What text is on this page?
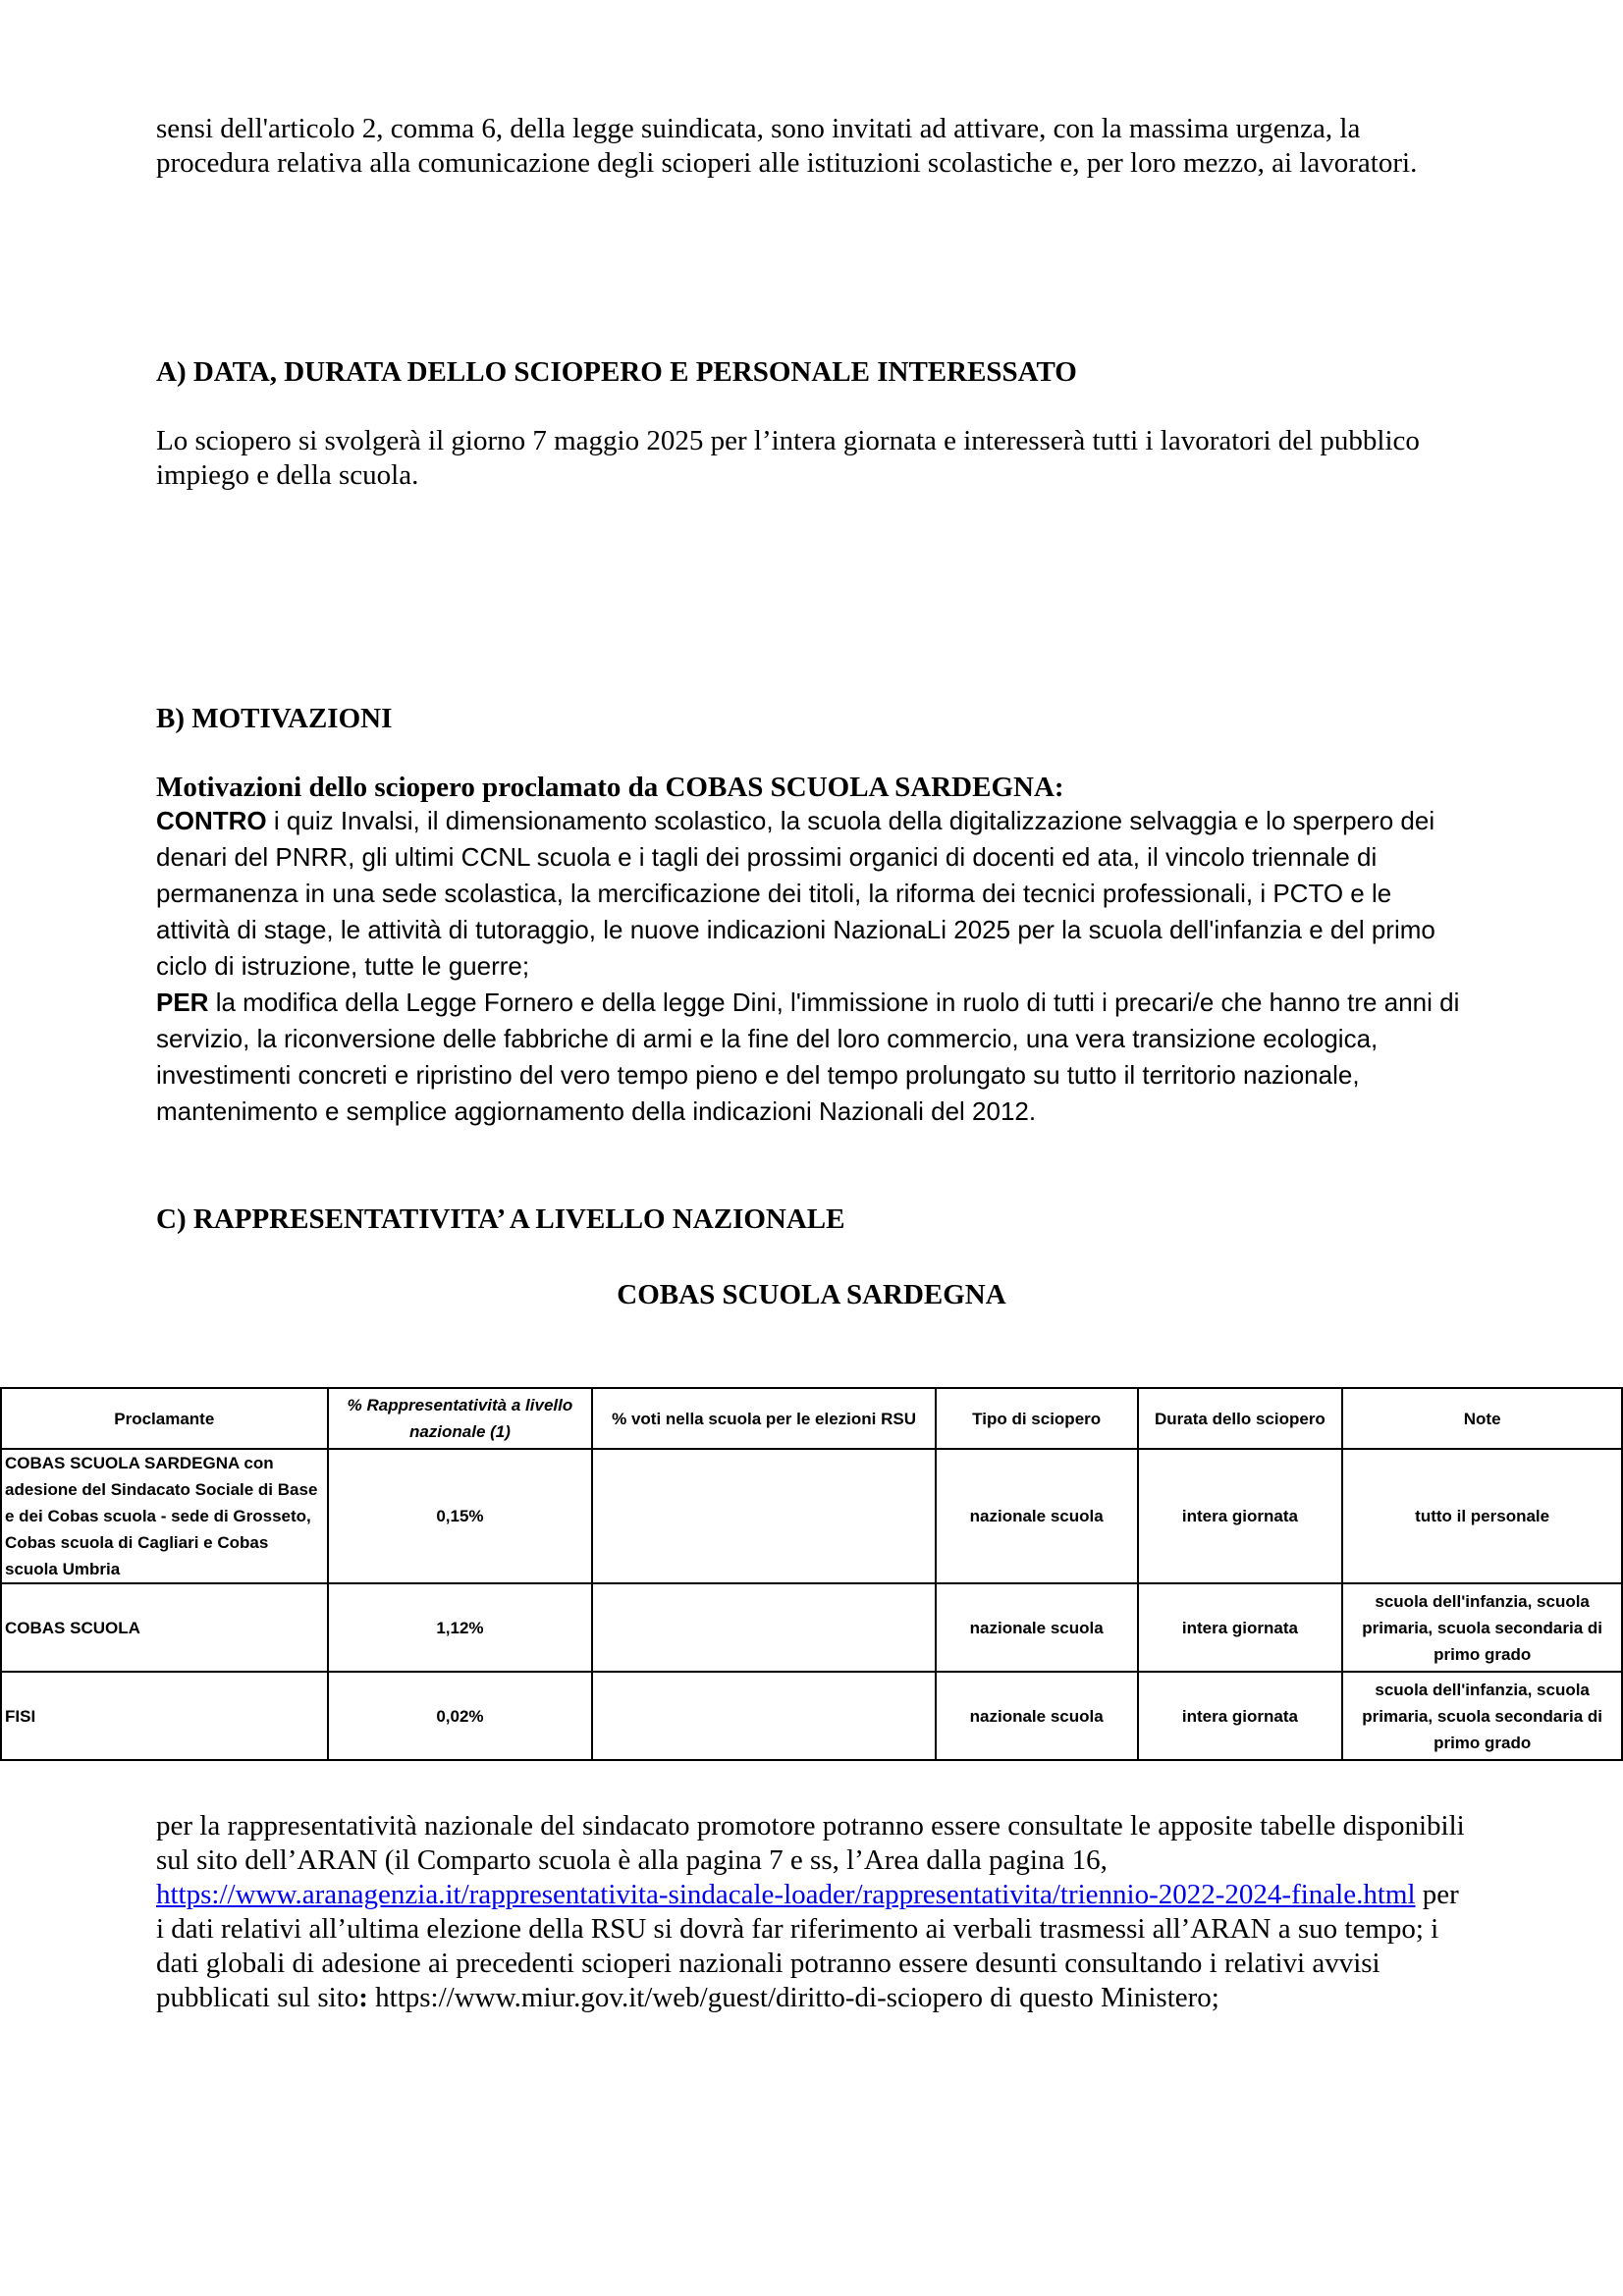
sensi dell'articolo 2, comma 6, della legge suindicata, sono invitati ad attivare, con la massima urgenza, la procedura relativa alla comunicazione degli scioperi alle istituzioni scolastiche e, per loro mezzo, ai lavoratori.

A) DATA, DURATA DELLO SCIOPERO E PERSONALE INTERESSATO

Lo sciopero si svolgerà il giorno 7 maggio 2025 per l’intera giornata e interesserà tutti i lavoratori del pubblico impiego e della scuola.

B) MOTIVAZIONI

Motivazioni dello sciopero proclamato da COBAS SCUOLA SARDEGNA:

CONTRO i quiz Invalsi, il dimensionamento scolastico, la scuola della digitalizzazione selvaggia e lo sperpero dei denari del PNRR, gli ultimi CCNL scuola e i tagli dei prossimi organici di docenti ed ata, il vincolo triennale di permanenza in una sede scolastica, la mercificazione dei titoli, la riforma dei tecnici professionali, i PCTO e le attività di stage, le attività di tutoraggio, le nuove indicazioni NazionaLi 2025 per la scuola dell'infanzia e del primo ciclo di istruzione, tutte le guerre;
PER la modifica della Legge Fornero e della legge Dini, l'immissione in ruolo di tutti i precari/e che hanno tre anni di servizio, la riconversione delle fabbriche di armi e la fine del loro commercio, una vera transizione ecologica, investimenti concreti e ripristino del vero tempo pieno e del tempo prolungato su tutto il territorio nazionale, mantenimento e semplice aggiornamento della indicazioni Nazionali del 2012.

C) RAPPRESENTATIVITA’ A LIVELLO NAZIONALE

COBAS SCUOLA SARDEGNA

Proclamante	% Rappresentatività a livello nazionale (1)	% voti nella scuola per le elezioni RSU	Tipo di sciopero	Durata dello sciopero	Note
COBAS SCUOLA SARDEGNA con adesione del Sindacato Sociale di Base e dei Cobas scuola - sede di Grosseto, Cobas scuola di Cagliari e Cobas scuola Umbria	0,15%		nazionale scuola	intera giornata	tutto il personale
COBAS SCUOLA	1,12%		nazionale scuola	intera giornata	scuola dell'infanzia, scuola primaria, scuola secondaria di primo grado
FISI	0,02%		nazionale scuola	intera giornata	scuola dell'infanzia, scuola primaria, scuola secondaria di primo grado

per la rappresentatività nazionale del sindacato promotore potranno essere consultate le apposite tabelle disponibili sul sito dell’ARAN (il Comparto scuola è alla pagina 7 e ss, l’Area dalla pagina 16, https://www.aranagenzia.it/rappresentativita-sindacale-loader/rappresentativita/triennio-2022-2024-finale.html per i dati relativi all’ultima elezione della RSU si dovrà far riferimento ai verbali trasmessi all’ARAN a suo tempo; i dati globali di adesione ai precedenti scioperi nazionali potranno essere desunti consultando i relativi avvisi pubblicati sul sito: https://www.miur.gov.it/web/guest/diritto-di-sciopero di questo Ministero;
